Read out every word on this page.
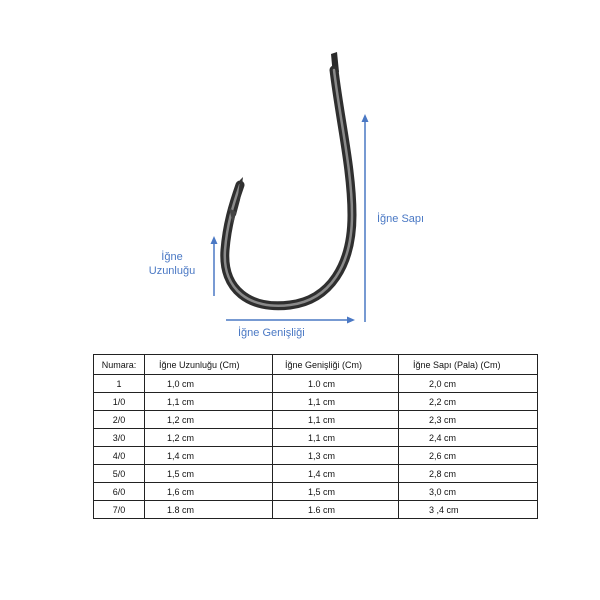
İğne
Uzunluğu
İğne Genişliği
İğne Sapı
Numara:	İğne Uzunluğu (Cm)	İğne Genişliği (Cm)	İğne Sapı (Pala) (Cm)
1	1,0 cm	1.0 cm	2,0 cm
1/0	1,1 cm	1,1 cm	2,2 cm
2/0	1,2 cm	1,1 cm	2,3 cm
3/0	1,2 cm	1,1 cm	2,4 cm
4/0	1,4 cm	1,3 cm	2,6 cm
5/0	1,5 cm	1,4 cm	2,8 cm
6/0	1,6 cm	1,5 cm	3,0 cm
7/0	1.8 cm	1.6 cm	3 ,4 cm
